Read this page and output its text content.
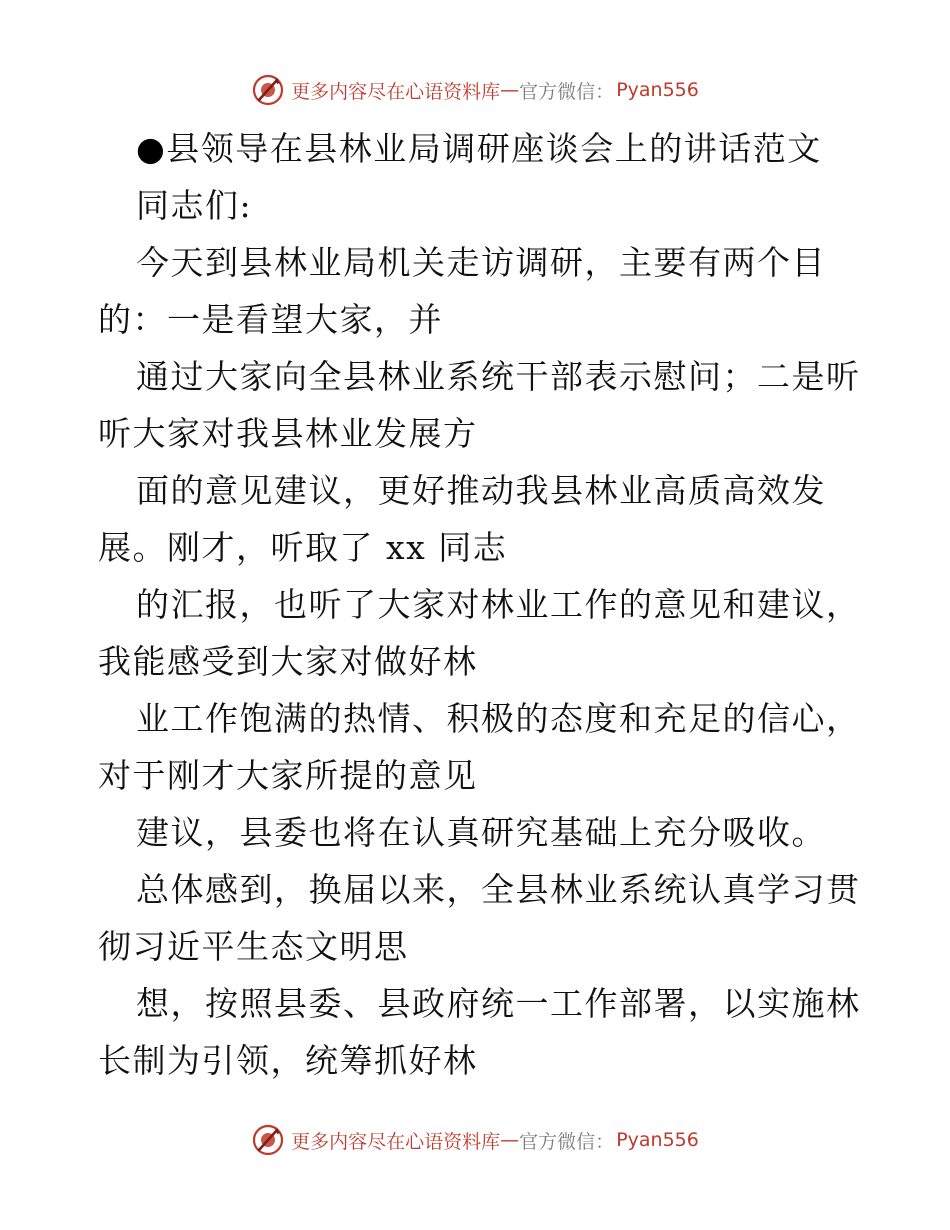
更多内容尽在心语资料库 — 官方微信： Pyan556
●县领导在县林业局调研座谈会上的讲话范文
同志们:
今天到县林业局机关走访调研，主要有两个目
的：一是看望大家，并
通过大家向全县林业系统干部表示慰问；二是听
听大家对我县林业发展方
面的意见建议，更好推动我县林业高质高效发
展。刚才，听取了 xx 同志
的汇报，也听了大家对林业工作的意见和建议，
我能感受到大家对做好林
业工作饱满的热情、积极的态度和充足的信心，
对于刚才大家所提的意见
建议，县委也将在认真研究基础上充分吸收。
总体感到，换届以来，全县林业系统认真学习贯
彻习近平生态文明思
想，按照县委、县政府统一工作部署，以实施林
长制为引领，统筹抓好林
更多内容尽在心语资料库 — 官方微信： Pyan556
